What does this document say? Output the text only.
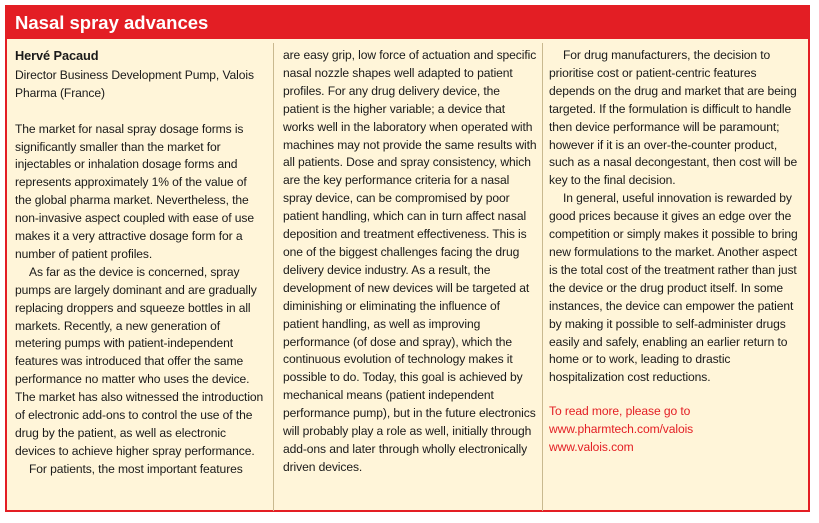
Nasal spray advances

Hervé Pacaud

Director Business Development Pump, Valois Pharma (France)

The market for nasal spray dosage forms is significantly smaller than the market for injectables or inhalation dosage forms and represents approximately 1% of the value of the global pharma market. Nevertheless, the non-invasive aspect coupled with ease of use makes it a very attractive dosage form for a number of patient profiles.

As far as the device is concerned, spray pumps are largely dominant and are gradually replacing droppers and squeeze bottles in all markets. Recently, a new generation of metering pumps with patient-independent features was introduced that offer the same performance no matter who uses the device. The market has also witnessed the introduction of electronic add-ons to control the use of the drug by the patient, as well as electronic devices to achieve higher spray performance.

For patients, the most important features

are easy grip, low force of actuation and specific nasal nozzle shapes well adapted to patient profiles. For any drug delivery device, the patient is the higher variable; a device that works well in the laboratory when operated with machines may not provide the same results with all patients. Dose and spray consistency, which are the key performance criteria for a nasal spray device, can be compromised by poor patient handling, which can in turn affect nasal deposition and treatment effectiveness. This is one of the biggest challenges facing the drug delivery device industry. As a result, the development of new devices will be targeted at diminishing or eliminating the influence of patient handling, as well as improving performance (of dose and spray), which the continuous evolution of technology makes it possible to do. Today, this goal is achieved by mechanical means (patient independent performance pump), but in the future electronics will probably play a role as well, initially through add-ons and later through wholly electronically driven devices.

For drug manufacturers, the decision to prioritise cost or patient-centric features depends on the drug and market that are being targeted. If the formulation is difficult to handle then device performance will be paramount; however if it is an over-the-counter product, such as a nasal decongestant, then cost will be key to the final decision.

In general, useful innovation is rewarded by good prices because it gives an edge over the competition or simply makes it possible to bring new formulations to the market. Another aspect is the total cost of the treatment rather than just the device or the drug product itself. In some instances, the device can empower the patient by making it possible to self-administer drugs easily and safely, enabling an earlier return to home or to work, leading to drastic hospitalization cost reductions.

To read more, please go to
www.pharmtech.com/valois
www.valois.com
